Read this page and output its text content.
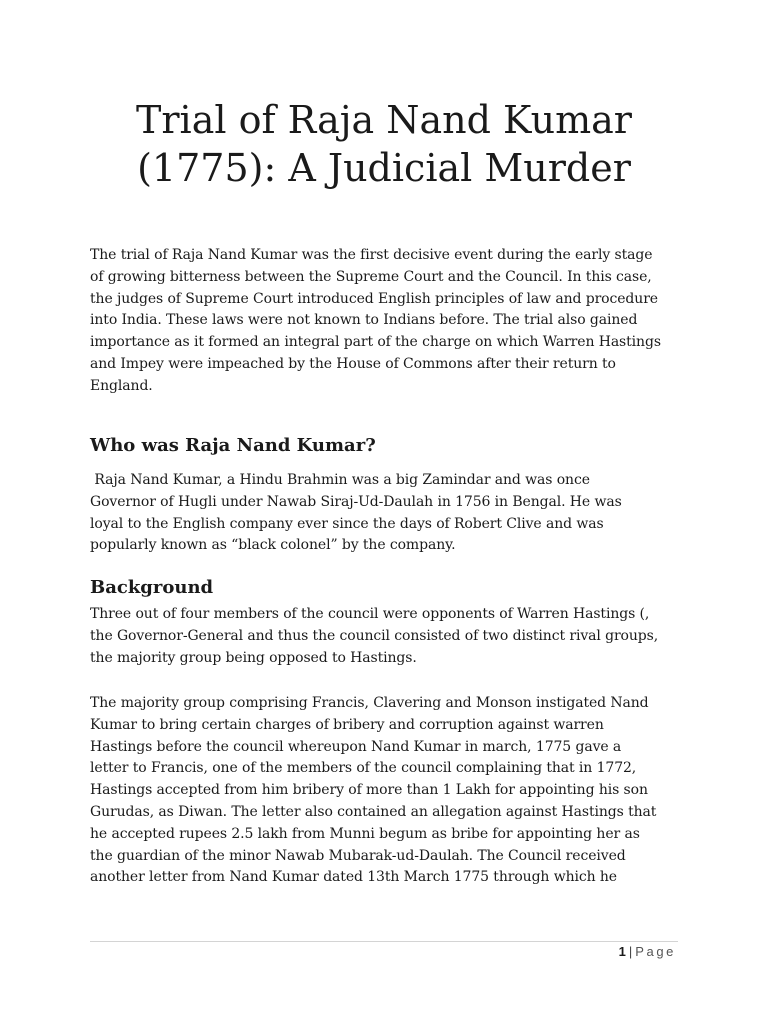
Trial of Raja Nand Kumar
(1775): A Judicial Murder

The trial of Raja Nand Kumar was the first decisive event during the early stage
of growing bitterness between the Supreme Court and the Council. In this case,
the judges of Supreme Court introduced English principles of law and procedure
into India. These laws were not known to Indians before. The trial also gained
importance as it formed an integral part of the charge on which Warren Hastings
and Impey were impeached by the House of Commons after their return to
England.

Who was Raja Nand Kumar?

Raja Nand Kumar, a Hindu Brahmin was a big Zamindar and was once
Governor of Hugli under Nawab Siraj-Ud-Daulah in 1756 in Bengal. He was
loyal to the English company ever since the days of Robert Clive and was
popularly known as “black colonel” by the company.

Background

Three out of four members of the council were opponents of Warren Hastings (,
the Governor-General and thus the council consisted of two distinct rival groups,
the majority group being opposed to Hastings.

The majority group comprising Francis, Clavering and Monson instigated Nand
Kumar to bring certain charges of bribery and corruption against warren
Hastings before the council whereupon Nand Kumar in march, 1775 gave a
letter to Francis, one of the members of the council complaining that in 1772,
Hastings accepted from him bribery of more than 1 Lakh for appointing his son
Gurudas, as Diwan. The letter also contained an allegation against Hastings that
he accepted rupees 2.5 lakh from Munni begum as bribe for appointing her as
the guardian of the minor Nawab Mubarak-ud-Daulah. The Council received
another letter from Nand Kumar dated 13th March 1775 through which he

1 | Page
